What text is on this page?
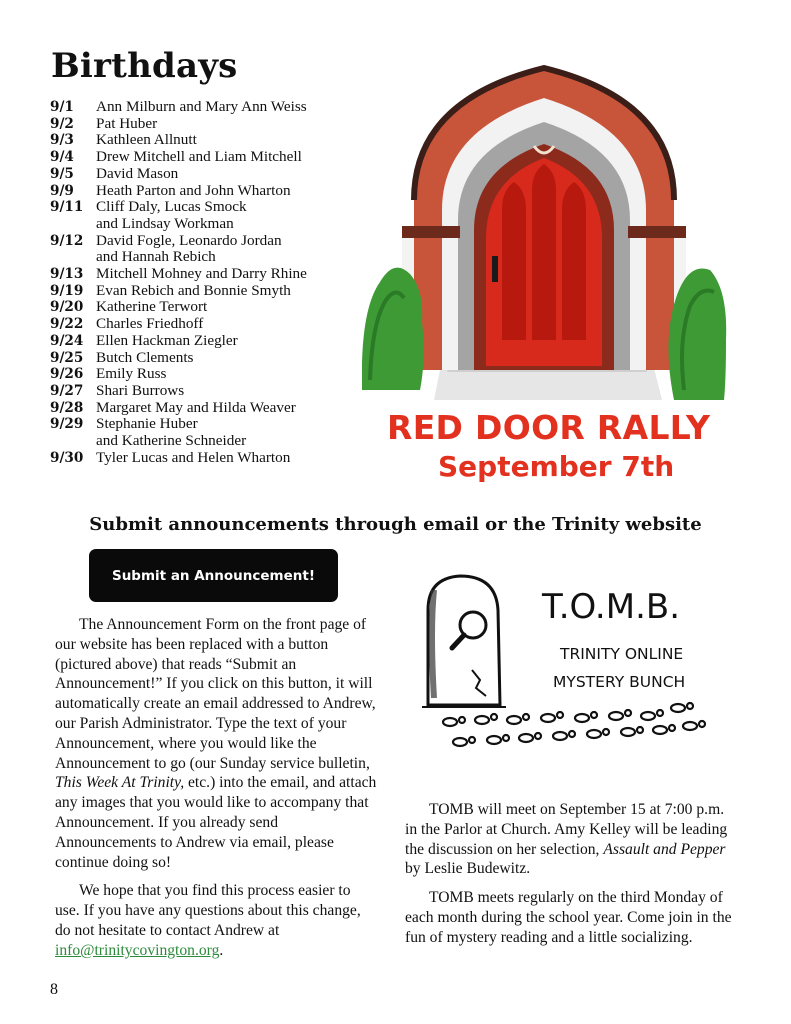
Birthdays
9/1	Ann Milburn and Mary Ann Weiss
9/2	Pat Huber
9/3	Kathleen Allnutt
9/4	Drew Mitchell and Liam Mitchell
9/5	David Mason
9/9	Heath Parton and John Wharton
9/11 Cliff Daly, Lucas Smock
and Lindsay Workman
9/12 David Fogle, Leonardo Jordan
and Hannah Rebich
9/13 Mitchell Mohney and Darry Rhine
9/19 Evan Rebich and Bonnie Smyth
9/20 Katherine Terwort
9/22 Charles Friedhoff
9/24 Ellen Hackman Ziegler
9/25 Butch Clements
9/26 Emily Russ
9/27 Shari Burrows
9/28 Margaret May and Hilda Weaver
9/29 Stephanie Huber
and Katherine Schneider
9/30 Tyler Lucas and Helen Wharton
RED DOOR RALLY
September 7th
Submit announcements through email or the Trinity website
Submit an Announcement!

The Announcement Form on the front page of our website has been replaced with a button (pictured above) that reads “Submit an Announcement!” If you click on this button, it will automatically create an email addressed to Andrew, our Parish Administrator. Type the text of your Announcement, where you would like the Announcement to go (our Sunday service bulletin, This Week At Trinity, etc.) into the email, and attach any images that you would like to accompany that Announcement. If you already send Announcements to Andrew via email, please continue doing so!

We hope that you find this process easier to use. If you have any questions about this change, do not hesitate to contact Andrew at info@trinitycovington.org.

T.O.M.B.
TRINITY ONLINE
MYSTERY BUNCH

TOMB will meet on September 15 at 7:00 p.m. in the Parlor at Church. Amy Kelley will be leading the discussion on her selection, Assault and Pepper by Leslie Budewitz.

TOMB meets regularly on the third Monday of each month during the school year. Come join in the fun of mystery reading and a little socializing.

8
